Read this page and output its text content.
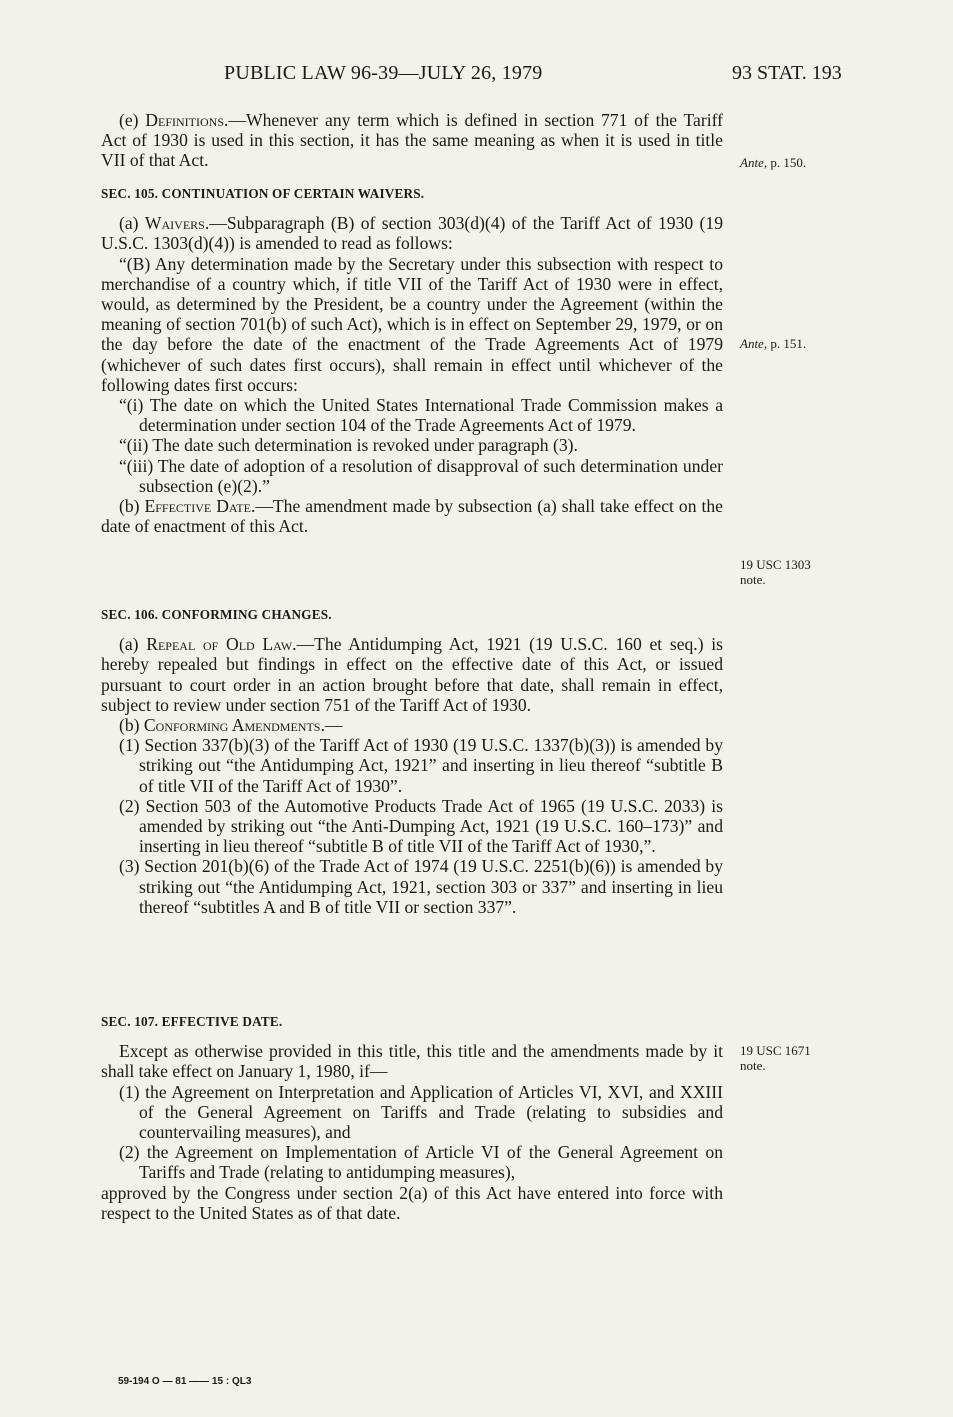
PUBLIC LAW 96-39—JULY 26, 1979	93 STAT. 193

(e) Definitions.—Whenever any term which is defined in section 771 of the Tariff Act of 1930 is used in this section, it has the same meaning as when it is used in title VII of that Act.

SEC. 105. CONTINUATION OF CERTAIN WAIVERS.

(a) Waivers.—Subparagraph (B) of section 303(d)(4) of the Tariff Act of 1930 (19 U.S.C. 1303(d)(4)) is amended to read as follows:

“(B) Any determination made by the Secretary under this subsection with respect to merchandise of a country which, if title VII of the Tariff Act of 1930 were in effect, would, as determined by the President, be a country under the Agreement (within the meaning of section 701(b) of such Act), which is in effect on September 29, 1979, or on the day before the date of the enactment of the Trade Agreements Act of 1979 (whichever of such dates first occurs), shall remain in effect until whichever of the following dates first occurs:

“(i) The date on which the United States International Trade Commission makes a determination under section 104 of the Trade Agreements Act of 1979.

“(ii) The date such determination is revoked under paragraph (3).

“(iii) The date of adoption of a resolution of disapproval of such determination under subsection (e)(2).”

(b) Effective Date.—The amendment made by subsection (a) shall take effect on the date of enactment of this Act.

SEC. 106. CONFORMING CHANGES.

(a) Repeal of Old Law.—The Antidumping Act, 1921 (19 U.S.C. 160 et seq.) is hereby repealed but findings in effect on the effective date of this Act, or issued pursuant to court order in an action brought before that date, shall remain in effect, subject to review under section 751 of the Tariff Act of 1930.

(b) Conforming Amendments.—

(1) Section 337(b)(3) of the Tariff Act of 1930 (19 U.S.C. 1337(b)(3)) is amended by striking out “the Antidumping Act, 1921” and inserting in lieu thereof “subtitle B of title VII of the Tariff Act of 1930”.

(2) Section 503 of the Automotive Products Trade Act of 1965 (19 U.S.C. 2033) is amended by striking out “the Anti-Dumping Act, 1921 (19 U.S.C. 160–173)” and inserting in lieu thereof “subtitle B of title VII of the Tariff Act of 1930,”.

(3) Section 201(b)(6) of the Trade Act of 1974 (19 U.S.C. 2251(b)(6)) is amended by striking out “the Antidumping Act, 1921, section 303 or 337” and inserting in lieu thereof “subtitles A and B of title VII or section 337”.

SEC. 107. EFFECTIVE DATE.

Except as otherwise provided in this title, this title and the amendments made by it shall take effect on January 1, 1980, if—

(1) the Agreement on Interpretation and Application of Articles VI, XVI, and XXIII of the General Agreement on Tariffs and Trade (relating to subsidies and countervailing measures), and

(2) the Agreement on Implementation of Article VI of the General Agreement on Tariffs and Trade (relating to antidumping measures),

approved by the Congress under section 2(a) of this Act have entered into force with respect to the United States as of that date.

Ante, p. 150.
Ante, p. 151.
19 USC 1303
note.
19 USC 1671
note.
59-194 O — 81 —— 15 : QL3
